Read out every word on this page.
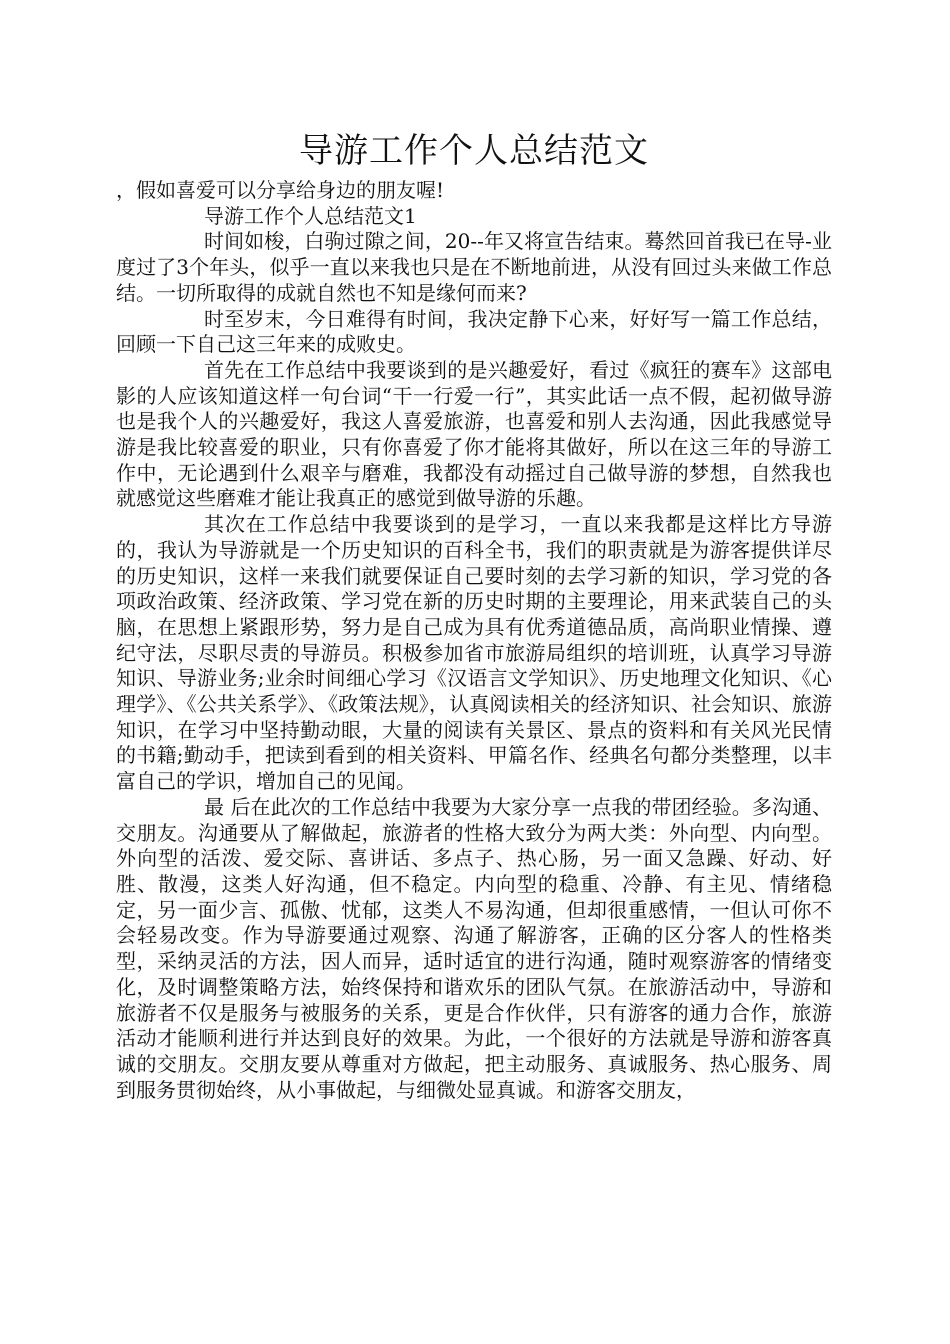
导游工作个人总结范文

，假如喜爱可以分享给身边的朋友喔!

导游工作个人总结范文1

时间如梭，白驹过隙之间，20--年又将宣告结束。蓦然回首我已在导-业度过了3个年头，似乎一直以来我也只是在不断地前进，从没有回过头来做工作总结。一切所取得的成就自然也不知是缘何而来?

时至岁末，今日难得有时间，我决定静下心来，好好写一篇工作总结，回顾一下自己这三年来的成败史。

首先在工作总结中我要谈到的是兴趣爱好，看过《疯狂的赛车》这部电影的人应该知道这样一句台词“干一行爱一行”，其实此话一点不假，起初做导游也是我个人的兴趣爱好，我这人喜爱旅游，也喜爱和别人去沟通，因此我感觉导游是我比较喜爱的职业，只有你喜爱了你才能将其做好，所以在这三年的导游工作中，无论遇到什么艰辛与磨难，我都没有动摇过自己做导游的梦想，自然我也就感觉这些磨难才能让我真正的感觉到做导游的乐趣。

其次在工作总结中我要谈到的是学习，一直以来我都是这样比方导游的，我认为导游就是一个历史知识的百科全书，我们的职责就是为游客提供详尽的历史知识，这样一来我们就要保证自己要时刻的去学习新的知识，学习党的各项政治政策、经济政策、学习党在新的历史时期的主要理论，用来武装自己的头脑，在思想上紧跟形势，努力是自己成为具有优秀道德品质，高尚职业情操、遵纪守法，尽职尽责的导游员。积极参加省市旅游局组织的培训班，认真学习导游知识、导游业务;业余时间细心学习《汉语言文学知识》、历史地理文化知识、《心理学》、《公共关系学》、《政策法规》，认真阅读相关的经济知识、社会知识、旅游知识，在学习中坚持勤动眼，大量的阅读有关景区、景点的资料和有关风光民情的书籍;勤动手，把读到看到的相关资料、甲篇名作、经典名句都分类整理，以丰富自己的学识，增加自己的见闻。

最 后在此次的工作总结中我要为大家分享一点我的带团经验。多沟通、交朋友。沟通要从了解做起，旅游者的性格大致分为两大类：外向型、内向型。外向型的活泼、爱交际、喜讲话、多点子、热心肠，另一面又急躁、好动、好胜、散漫，这类人好沟通，但不稳定。内向型的稳重、冷静、有主见、情绪稳定，另一面少言、孤傲、忧郁，这类人不易沟通，但却很重感情，一但认可你不会轻易改变。作为导游要通过观察、沟通了解游客，正确的区分客人的性格类型，采纳灵活的方法，因人而异，适时适宜的进行沟通，随时观察游客的情绪变化，及时调整策略方法，始终保持和谐欢乐的团队气氛。在旅游活动中，导游和旅游者不仅是服务与被服务的关系，更是合作伙伴，只有游客的通力合作，旅游活动才能顺利进行并达到良好的效果。为此，一个很好的方法就是导游和游客真诚的交朋友。交朋友要从尊重对方做起，把主动服务、真诚服务、热心服务、周到服务贯彻始终，从小事做起，与细微处显真诚。和游客交朋友，
